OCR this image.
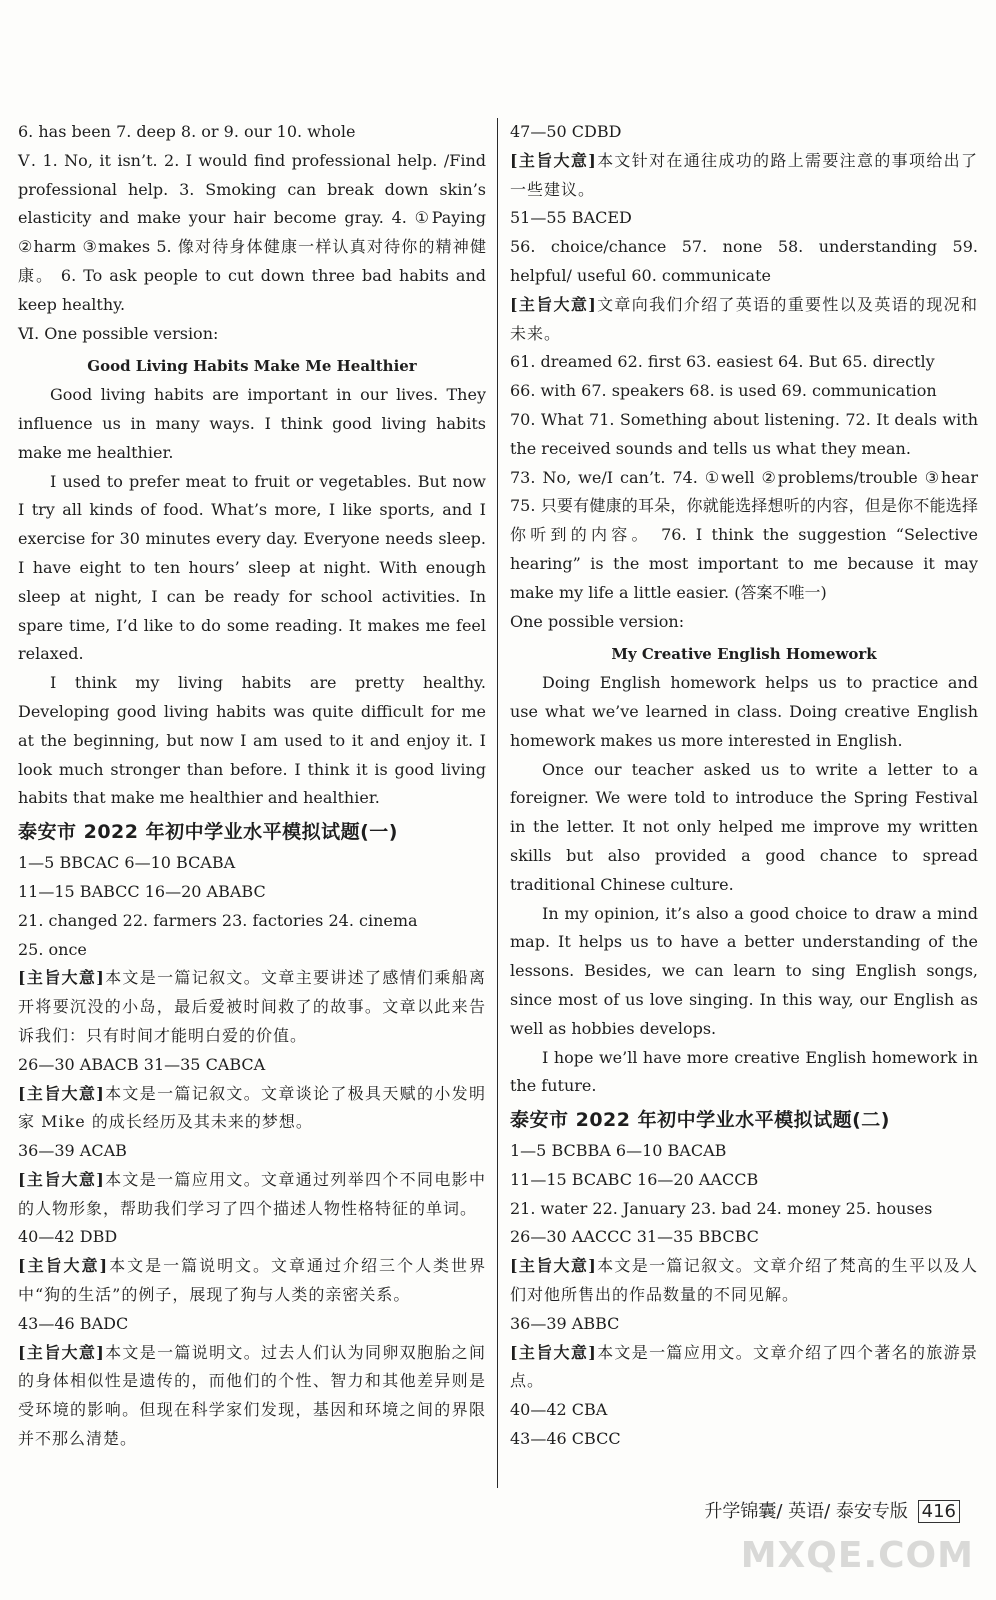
6. has been 7. deep 8. or 9. our 10. whole

Ⅴ. 1. No, it isn’t. 2. I would find professional help. /Find professional help. 3. Smoking can break down skin’s elasticity and make your hair become gray. 4. ①Paying ②harm ③makes 5. 像对待身体健康一样认真对待你的精神健康。 6. To ask people to cut down three bad habits and keep healthy.

Ⅵ. One possible version:

Good Living Habits Make Me Healthier

Good living habits are important in our lives. They influence us in many ways. I think good living habits make me healthier.

I used to prefer meat to fruit or vegetables. But now I try all kinds of food. What’s more, I like sports, and I exercise for 30 minutes every day. Everyone needs sleep. I have eight to ten hours’ sleep at night. With enough sleep at night, I can be ready for school activities. In spare time, I’d like to do some reading. It makes me feel relaxed.

I think my living habits are pretty healthy. Developing good living habits was quite difficult for me at the beginning, but now I am used to it and enjoy it. I look much stronger than before. I think it is good living habits that make me healthier and healthier.

泰安市 2022 年初中学业水平模拟试题(一)

1—5 BBCAC 6—10 BCABA

11—15 BABCC 16—20 ABABC

21. changed 22. farmers 23. factories 24. cinema

25. once

[主旨大意]本文是一篇记叙文。文章主要讲述了感情们乘船离开将要沉没的小岛，最后爱被时间救了的故事。文章以此来告诉我们：只有时间才能明白爱的价值。

26—30 ABACB 31—35 CABCA

[主旨大意]本文是一篇记叙文。文章谈论了极具天赋的小发明家 Mike 的成长经历及其未来的梦想。

36—39 ACAB

[主旨大意]本文是一篇应用文。文章通过列举四个不同电影中的人物形象，帮助我们学习了四个描述人物性格特征的单词。

40—42 DBD

[主旨大意]本文是一篇说明文。文章通过介绍三个人类世界中“狗的生活”的例子，展现了狗与人类的亲密关系。

43—46 BADC

[主旨大意]本文是一篇说明文。过去人们认为同卵双胞胎之间的身体相似性是遗传的，而他们的个性、智力和其他差异则是受环境的影响。但现在科学家们发现，基因和环境之间的界限并不那么清楚。

47—50 CDBD

[主旨大意]本文针对在通往成功的路上需要注意的事项给出了一些建议。

51—55 BACED

56. choice/chance 57. none 58. understanding 59. helpful/ useful 60. communicate

[主旨大意]文章向我们介绍了英语的重要性以及英语的现况和未来。

61. dreamed 62. first 63. easiest 64. But 65. directly

66. with 67. speakers 68. is used 69. communication

70. What 71. Something about listening. 72. It deals with the received sounds and tells us what they mean.

73. No, we/I can’t. 74. ①well ②problems/trouble ③hear 75. 只要有健康的耳朵，你就能选择想听的内容，但是你不能选择你听到的内容。 76. I think the suggestion “Selective hearing” is the most important to me because it may make my life a little easier. (答案不唯一)

One possible version:

My Creative English Homework

Doing English homework helps us to practice and use what we’ve learned in class. Doing creative English homework makes us more interested in English.

Once our teacher asked us to write a letter to a foreigner. We were told to introduce the Spring Festival in the letter. It not only helped me improve my written skills but also provided a good chance to spread traditional Chinese culture.

In my opinion, it’s also a good choice to draw a mind map. It helps us to have a better understanding of the lessons. Besides, we can learn to sing English songs, since most of us love singing. In this way, our English as well as hobbies develops.

I hope we’ll have more creative English homework in the future.

泰安市 2022 年初中学业水平模拟试题(二)

1—5 BCBBA 6—10 BACAB

11—15 BCABC 16—20 AACCB

21. water 22. January 23. bad 24. money 25. houses

26—30 AACCC 31—35 BBCBC

[主旨大意]本文是一篇记叙文。文章介绍了梵高的生平以及人们对他所售出的作品数量的不同见解。

36—39 ABBC

[主旨大意]本文是一篇应用文。文章介绍了四个著名的旅游景点。

40—42 CBA

43—46 CBCC

升学锦囊/ 英语/ 泰安专版 416
MXQE.COM
